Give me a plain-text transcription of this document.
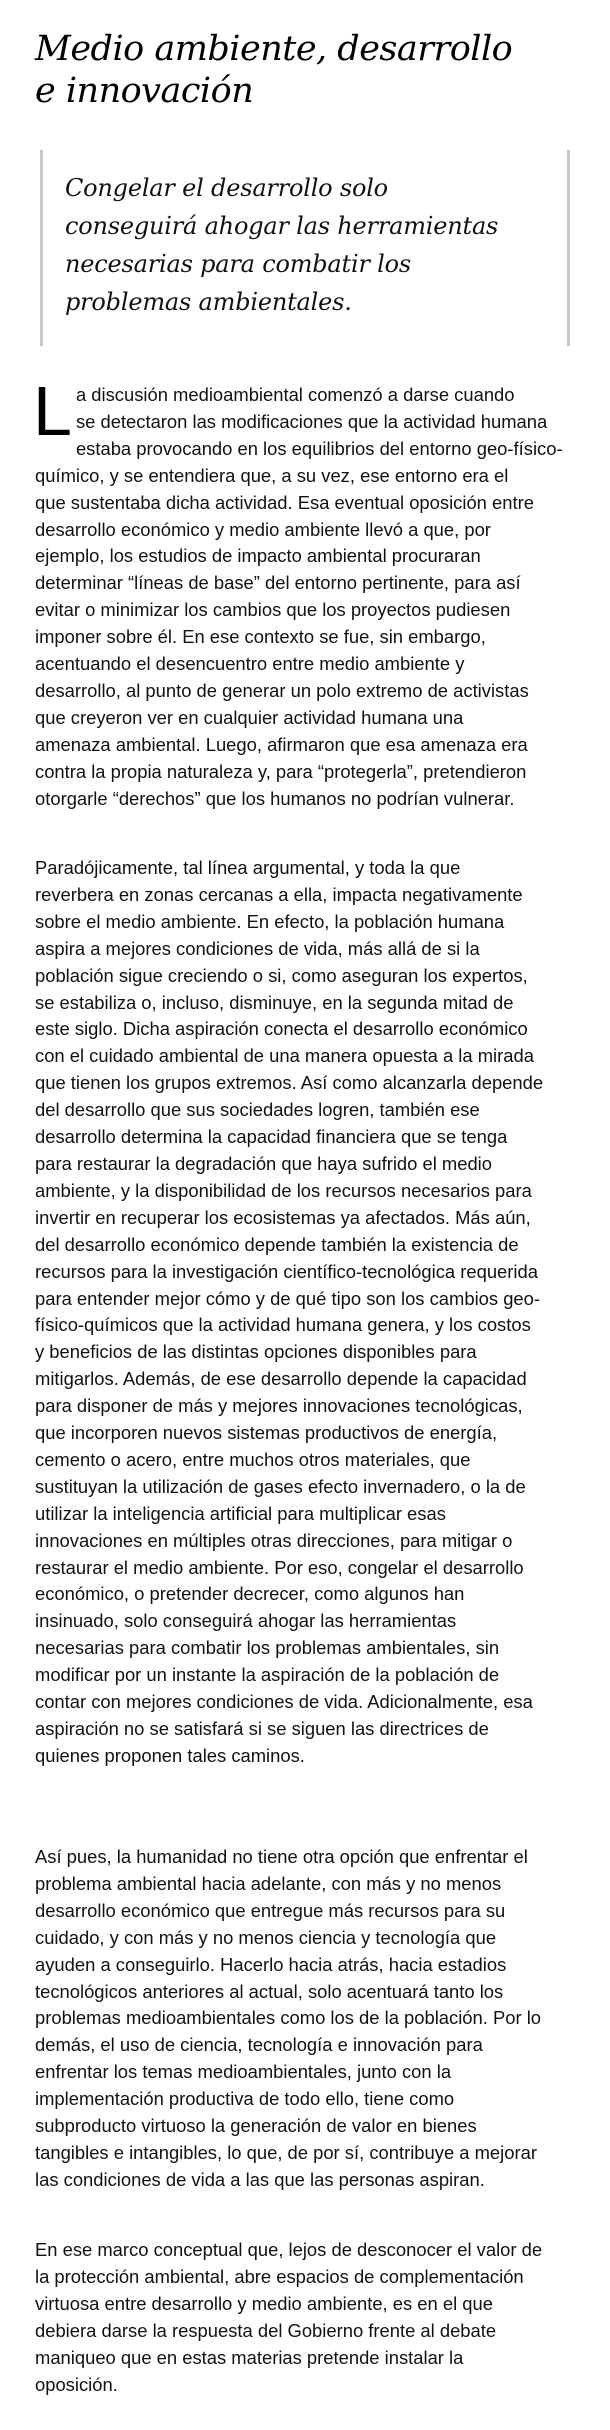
Medio ambiente, desarrollo
e innovación

Congelar el desarrollo solo
conseguirá ahogar las herramientas
necesarias para combatir los
problemas ambientales.

L a discusión medioambiental comenzó a darse cuando
se detectaron las modificaciones que la actividad humana
estaba provocando en los equilibrios del entorno geo-físico-
químico, y se entendiera que, a su vez, ese entorno era el
que sustentaba dicha actividad. Esa eventual oposición entre
desarrollo económico y medio ambiente llevó a que, por
ejemplo, los estudios de impacto ambiental procuraran
determinar “líneas de base” del entorno pertinente, para así
evitar o minimizar los cambios que los proyectos pudiesen
imponer sobre él. En ese contexto se fue, sin embargo,
acentuando el desencuentro entre medio ambiente y
desarrollo, al punto de generar un polo extremo de activistas
que creyeron ver en cualquier actividad humana una
amenaza ambiental. Luego, afirmaron que esa amenaza era
contra la propia naturaleza y, para “protegerla”, pretendieron
otorgarle “derechos” que los humanos no podrían vulnerar.
Paradójicamente, tal línea argumental, y toda la que
reverbera en zonas cercanas a ella, impacta negativamente
sobre el medio ambiente. En efecto, la población humana
aspira a mejores condiciones de vida, más allá de si la
población sigue creciendo o si, como aseguran los expertos,
se estabiliza o, incluso, disminuye, en la segunda mitad de
este siglo. Dicha aspiración conecta el desarrollo económico
con el cuidado ambiental de una manera opuesta a la mirada
que tienen los grupos extremos. Así como alcanzarla depende
del desarrollo que sus sociedades logren, también ese
desarrollo determina la capacidad financiera que se tenga
para restaurar la degradación que haya sufrido el medio
ambiente, y la disponibilidad de los recursos necesarios para
invertir en recuperar los ecosistemas ya afectados. Más aún,
del desarrollo económico depende también la existencia de
recursos para la investigación científico-tecnológica requerida
para entender mejor cómo y de qué tipo son los cambios geo-
físico-químicos que la actividad humana genera, y los costos
y beneficios de las distintas opciones disponibles para
mitigarlos. Además, de ese desarrollo depende la capacidad
para disponer de más y mejores innovaciones tecnológicas,
que incorporen nuevos sistemas productivos de energía,
cemento o acero, entre muchos otros materiales, que
sustituyan la utilización de gases efecto invernadero, o la de
utilizar la inteligencia artificial para multiplicar esas
innovaciones en múltiples otras direcciones, para mitigar o
restaurar el medio ambiente. Por eso, congelar el desarrollo
económico, o pretender decrecer, como algunos han
insinuado, solo conseguirá ahogar las herramientas
necesarias para combatir los problemas ambientales, sin
modificar por un instante la aspiración de la población de
contar con mejores condiciones de vida. Adicionalmente, esa
aspiración no se satisfará si se siguen las directrices de
quienes proponen tales caminos.
Así pues, la humanidad no tiene otra opción que enfrentar el
problema ambiental hacia adelante, con más y no menos
desarrollo económico que entregue más recursos para su
cuidado, y con más y no menos ciencia y tecnología que
ayuden a conseguirlo. Hacerlo hacia atrás, hacia estadios
tecnológicos anteriores al actual, solo acentuará tanto los
problemas medioambientales como los de la población. Por lo
demás, el uso de ciencia, tecnología e innovación para
enfrentar los temas medioambientales, junto con la
implementación productiva de todo ello, tiene como
subproducto virtuoso la generación de valor en bienes
tangibles e intangibles, lo que, de por sí, contribuye a mejorar
las condiciones de vida a las que las personas aspiran.
En ese marco conceptual que, lejos de desconocer el valor de
la protección ambiental, abre espacios de complementación
virtuosa entre desarrollo y medio ambiente, es en el que
debiera darse la respuesta del Gobierno frente al debate
maniqueo que en estas materias pretende instalar la
oposición.
